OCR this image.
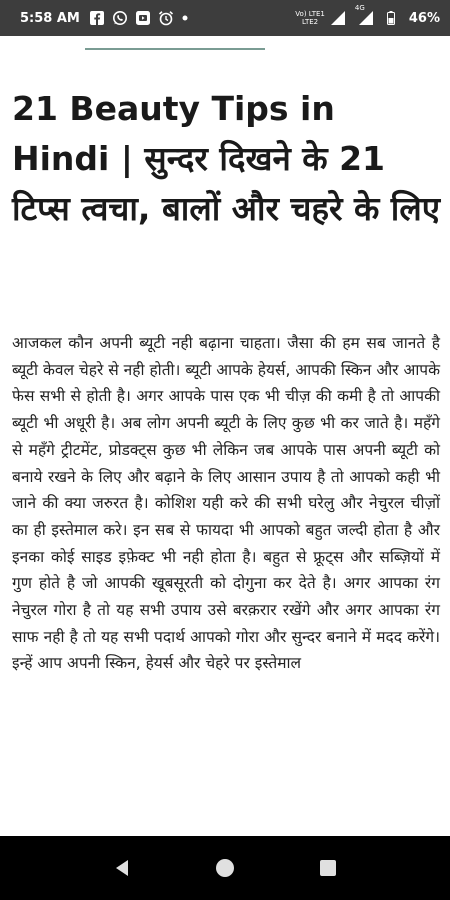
5:58 AM	Vo) LTE1
LTE2
4G
46%
21 Beauty Tips in Hindi | सुन्दर दिखने के 21 टिप्स त्वचा, बालों और चहरे के लिए

आजकल कौन अपनी ब्यूटी नही बढ़ाना चाहता। जैसा की हम सब जानते है ब्यूटी केवल चेहरे से नही होती। ब्यूटी आपके हेयर्स, आपकी स्किन और आपके फेस सभी से होती है। अगर आपके पास एक भी चीज़ की कमी है तो आपकी ब्यूटी भी अधूरी है। अब लोग अपनी ब्यूटी के लिए कुछ भी कर जाते है। महँगे से महँगे ट्रीटमेंट, प्रोडक्ट्स कुछ भी लेकिन जब आपके पास अपनी ब्यूटी को बनाये रखने के लिए और बढ़ाने के लिए आसान उपाय है तो आपको कही भी जाने की क्या जरुरत है। कोशिश यही करे की सभी घरेलु और नेचुरल चीज़ों का ही इस्तेमाल करे। इन सब से फायदा भी आपको बहुत जल्दी होता है और इनका कोई साइड इफ़ेक्ट भी नही होता है। बहुत से फ्रूट्स और सब्ज़ियों में गुण होते है जो आपकी खूबसूरती को दोगुना कर देते है। अगर आपका रंग नेचुरल गोरा है तो यह सभी उपाय उसे बरक़रार रखेंगे और अगर आपका रंग साफ नही है तो यह सभी पदार्थ आपको गोरा और सुन्दर बनाने में मदद करेंगे। इन्हें आप अपनी स्किन, हेयर्स और चेहरे पर इस्तेमाल
